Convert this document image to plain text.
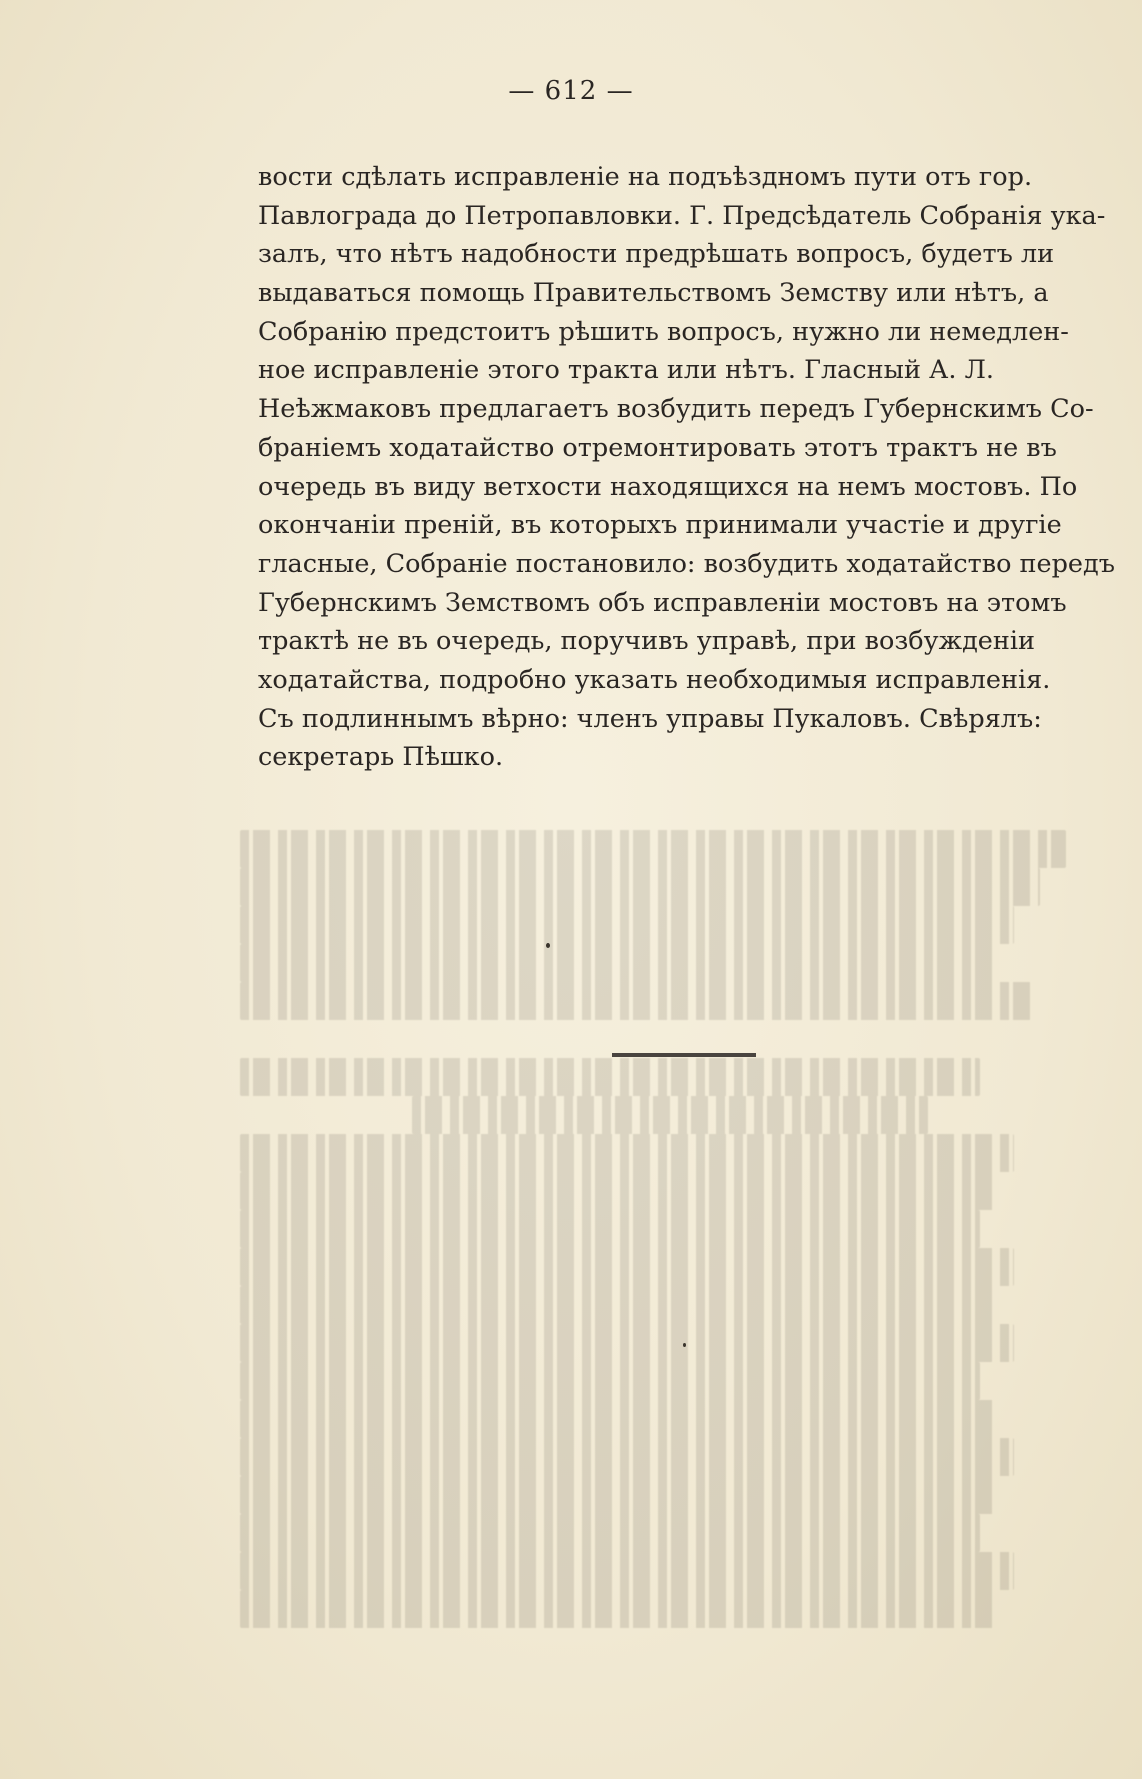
— 612 —
вости сдѣлать исправленіе на подъѣздномъ пути отъ гор.
Павлограда до Петропавловки. Г. Предсѣдатель Собранія ука-
залъ, что нѣтъ надобности предрѣшать вопросъ, будетъ ли
выдаваться помощь Правительствомъ Земству или нѣтъ, а
Собранію предстоитъ рѣшить вопросъ, нужно ли немедлен-
ное исправленіе этого тракта или нѣтъ. Гласный А. Л.
Неѣжмаковъ предлагаетъ возбудить передъ Губернскимъ Со-
браніемъ ходатайство отремонтировать этотъ трактъ не въ
очередь въ виду ветхости находящихся на немъ мостовъ. По
окончаніи преній, въ которыхъ принимали участіе и другіе
гласные, Собраніе постановило: возбудить ходатайство передъ
Губернскимъ Земствомъ объ исправленіи мостовъ на этомъ
трактѣ не въ очередь, поручивъ управѣ, при возбужденіи
ходатайства, подробно указать необходимыя исправленія.
Съ подлиннымъ вѣрно: членъ управы Пукаловъ. Свѣрялъ:
секретарь Пѣшко.
